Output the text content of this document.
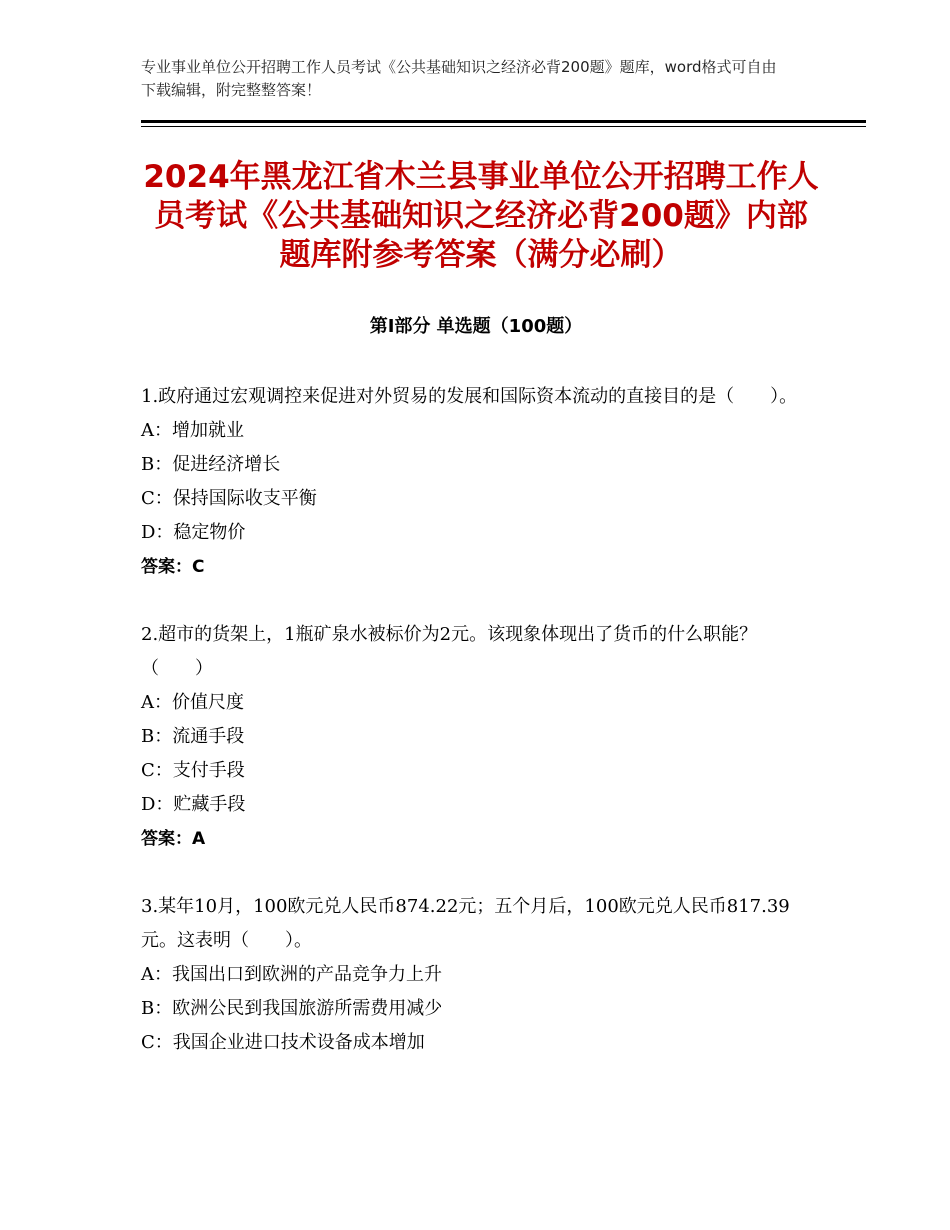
专业事业单位公开招聘工作人员考试《公共基础知识之经济必背200题》题库，word格式可自由下载编辑，附完整整答案！
2024年黑龙江省木兰县事业单位公开招聘工作人员考试《公共基础知识之经济必背200题》内部题库附参考答案（满分必刷）
第Ⅰ部分 单选题（100题）

1.政府通过宏观调控来促进对外贸易的发展和国际资本流动的直接目的是（　　）。

A：增加就业

B：促进经济增长

C：保持国际收支平衡

D：稳定物价

答案：C

2.超市的货架上，1瓶矿泉水被标价为2元。该现象体现出了货币的什么职能？（　　）

A：价值尺度

B：流通手段

C：支付手段

D：贮藏手段

答案：A

3.某年10月，100欧元兑人民币874.22元；五个月后，100欧元兑人民币817.39元。这表明（　　）。

A：我国出口到欧洲的产品竞争力上升

B：欧洲公民到我国旅游所需费用减少

C：我国企业进口技术设备成本增加
